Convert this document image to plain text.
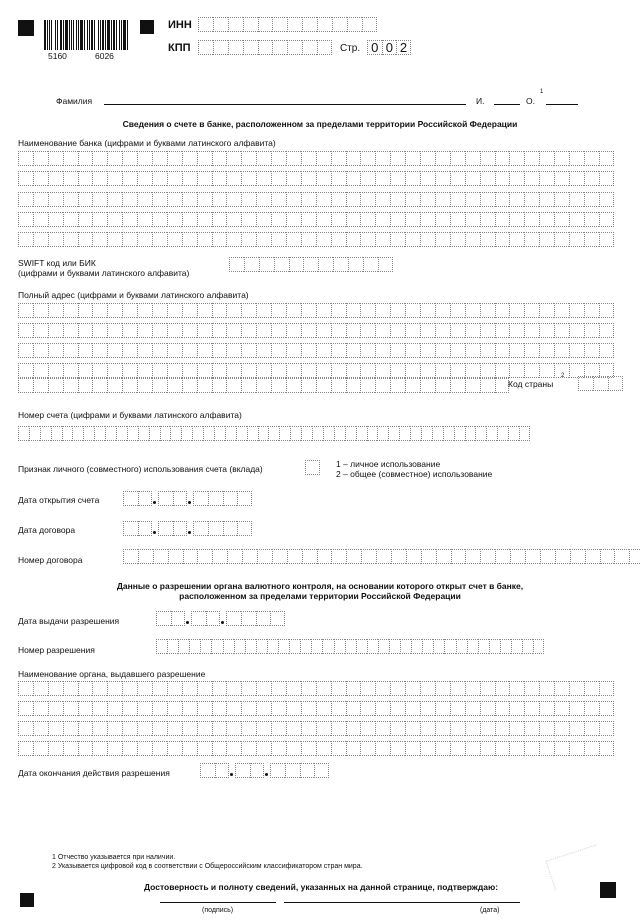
5160	6026
ИНН
КПП	Стр. 0 0 2
Фамилия	И.	О.
1
Сведения о счете в банке, расположенном за пределами территории Российской Федерации
Наименование банка (цифрами и буквами латинского алфавита)
SWIFT код или БИК
(цифрами и буквами латинского алфавита)
Полный адрес (цифрами и буквами латинского алфавита)
Код страны
2
Номер счета (цифрами и буквами латинского алфавита)
Признак личного (совместного) использования счета (вклада)	1 – личное использование
2 – общее (совместное) использование
Дата открытия счета
Дата договора
Номер договора
Данные о разрешении органа валютного контроля, на основании которого открыт счет в банке,
расположенном за пределами территории Российской Федерации
Дата выдачи разрешения
Номер разрешения
Наименование органа, выдавшего разрешение
Дата окончания действия разрешения
1 Отчество указывается при наличии.
2 Указывается цифровой код в соответствии с Общероссийским классификатором стран мира.
Достоверность и полноту сведений, указанных на данной странице, подтверждаю:
(подпись)	(дата)
